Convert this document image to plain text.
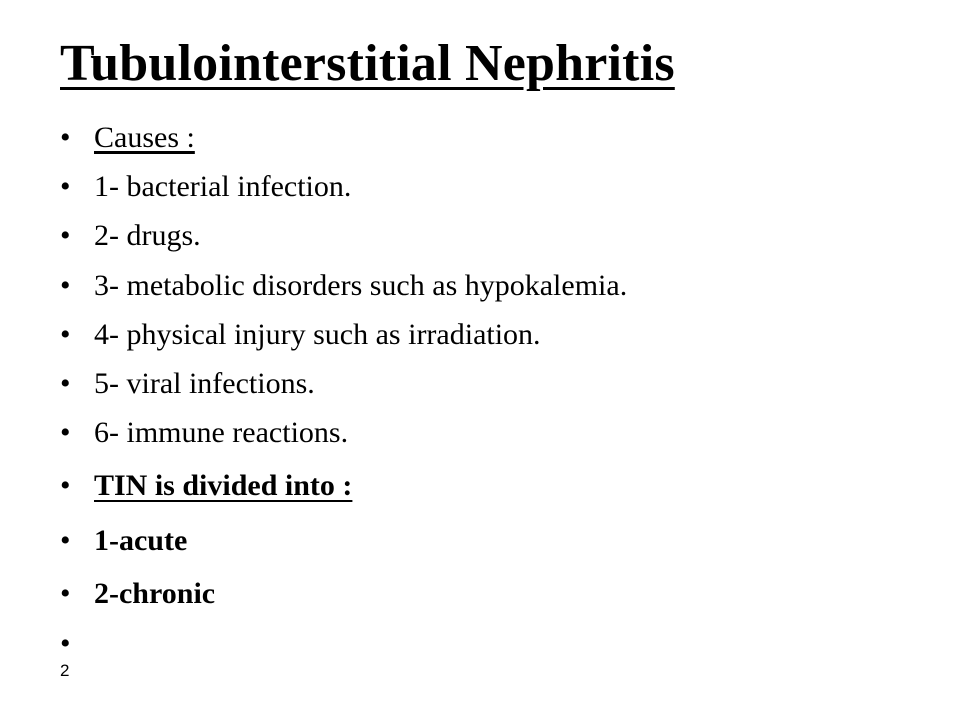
Tubulointerstitial Nephritis
• Causes :
• 1- bacterial infection.
• 2- drugs.
• 3- metabolic disorders such as hypokalemia.
• 4- physical injury such as irradiation.
• 5- viral infections.
• 6- immune reactions.
• TIN is divided into :
• 1-acute
• 2-chronic
•
2
